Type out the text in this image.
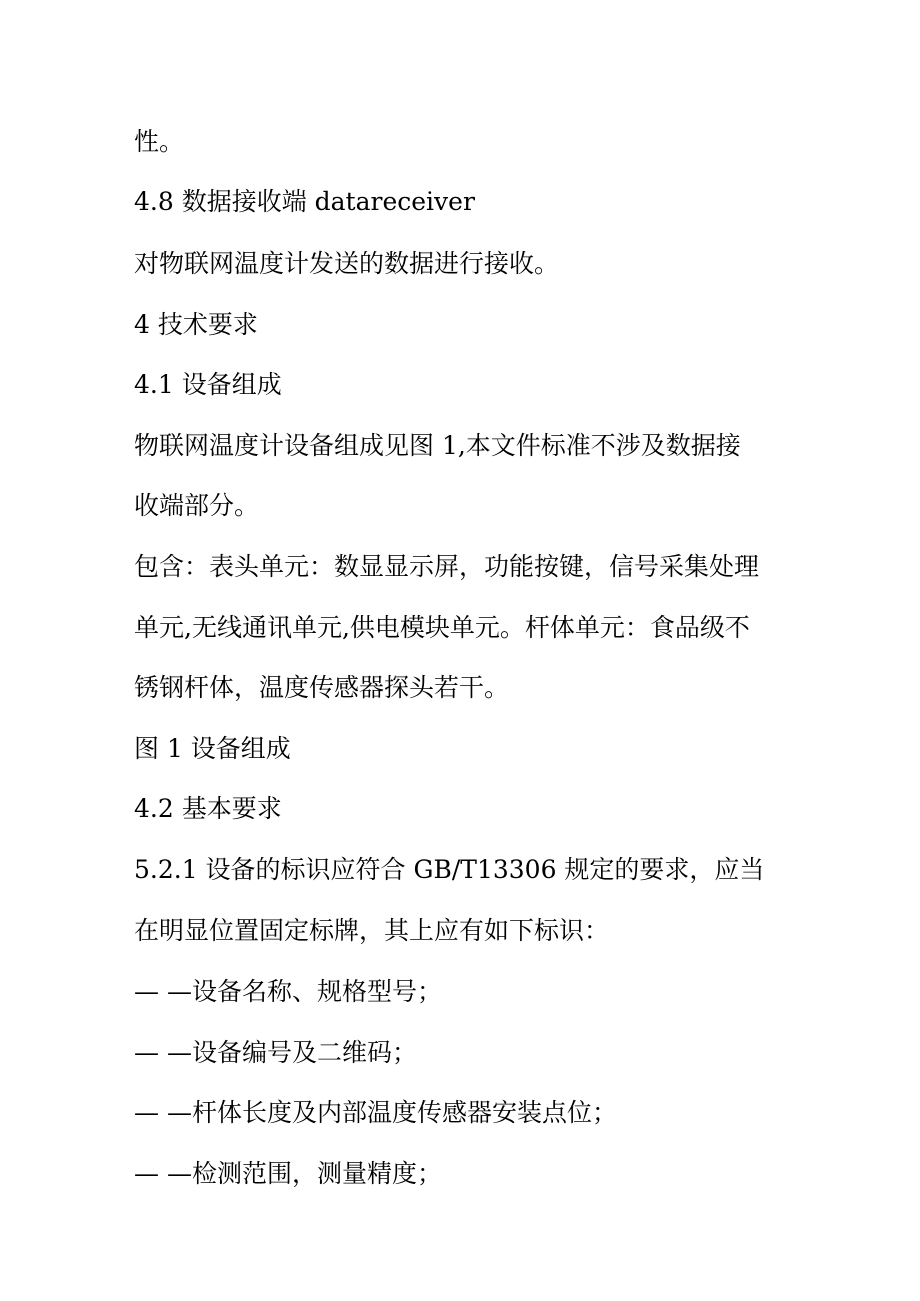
性。
4.8 数据接收端 datareceiver
对物联网温度计发送的数据进行接收。
4 技术要求
4.1 设备组成
物联网温度计设备组成见图 1,本文件标准不涉及数据接
收端部分。
包含：表头单元：数显显示屏，功能按键，信号采集处理
单元,无线通讯单元,供电模块单元。杆体单元：食品级不
锈钢杆体，温度传感器探头若干。
图 1 设备组成
4.2 基本要求
5.2.1 设备的标识应符合 GB/T13306 规定的要求，应当
在明显位置固定标牌，其上应有如下标识：
— —设备名称、规格型号；
— —设备编号及二维码；
— —杆体长度及内部温度传感器安装点位；
— —检测范围，测量精度；
